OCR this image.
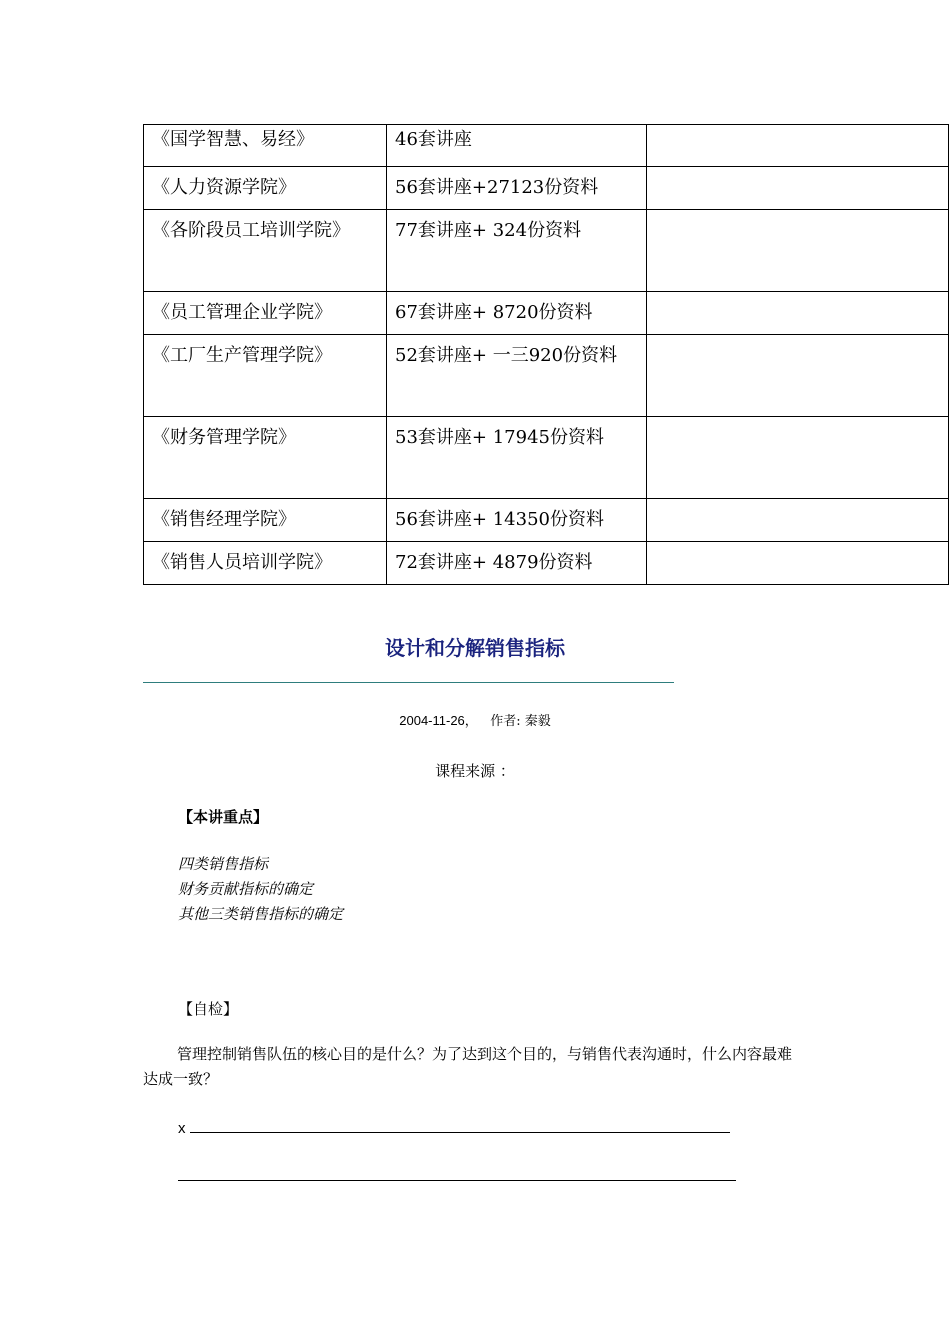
《国学智慧、易经》	46套讲座	
《人力资源学院》	56套讲座+27123份资料	
《各阶段员工培训学院》	77套讲座+ 324份资料	
《员工管理企业学院》	67套讲座+ 8720份资料	
《工厂生产管理学院》	52套讲座+ 一三920份资料	
《财务管理学院》	53套讲座+ 17945份资料	
《销售经理学院》	56套讲座+ 14350份资料	
《销售人员培训学院》	72套讲座+ 4879份资料	
设计和分解销售指标
2004-11-26， 作者: 秦毅
课程来源 ：
【本讲重点】
四类销售指标
财务贡献指标的确定
其他三类销售指标的确定
【自检】
管理控制销售队伍的核心目的是什么？为了达到这个目的，与销售代表沟通时，什么内容最难达成一致？
x
